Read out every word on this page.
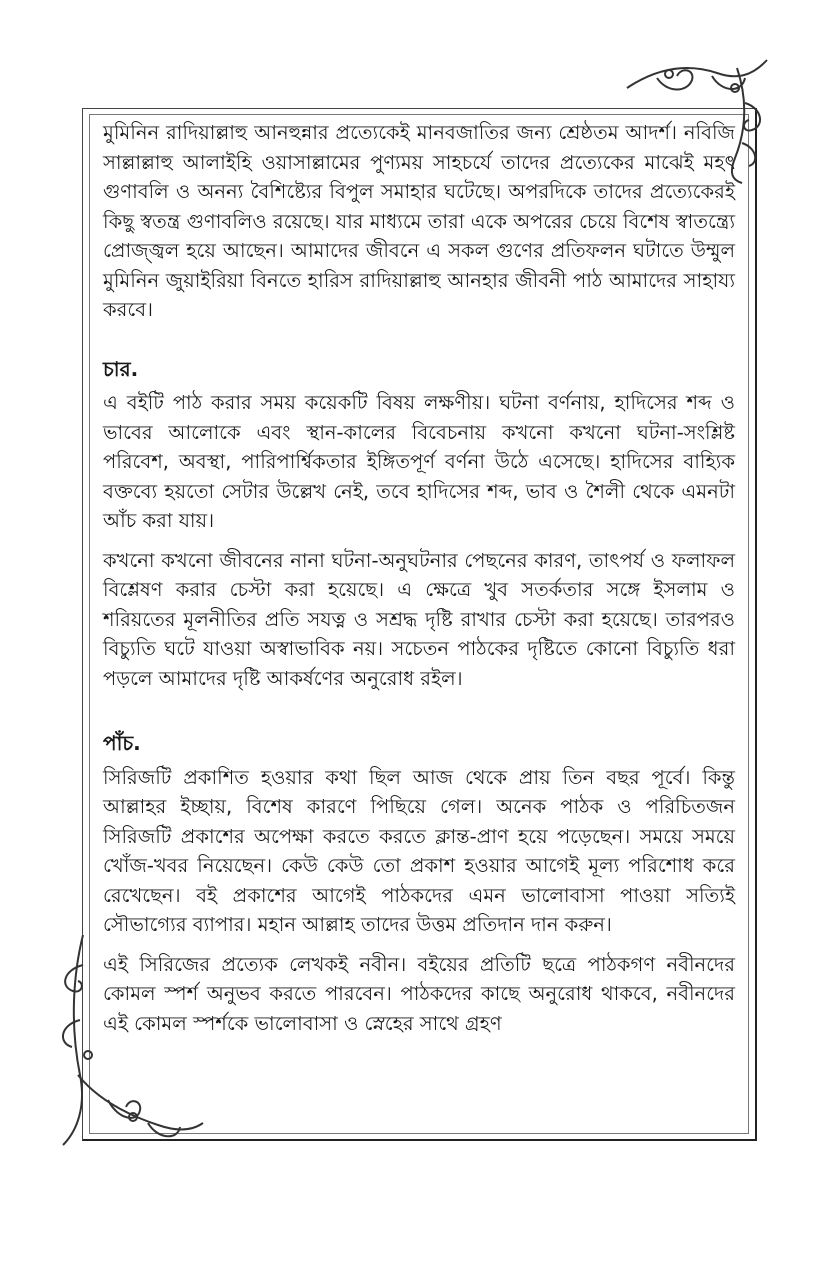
মুমিনিন রাদিয়াল্লাহু আনহুন্নার প্রত্যেকেই মানবজাতির জন্য শ্রেষ্ঠতম আদর্শ। নবিজি সাল্লাল্লাহু আলাইহি ওয়াসাল্লামের পুণ্যময় সাহচর্যে তাদের প্রত্যেকের মাঝেই মহৎ গুণাবলি ও অনন্য বৈশিষ্ট্যের বিপুল সমাহার ঘটেছে। অপরদিকে তাদের প্রত্যেকেরই কিছু স্বতন্ত্র গুণাবলিও রয়েছে। যার মাধ্যমে তারা একে অপরের চেয়ে বিশেষ স্বাতন্ত্র্যে প্রোজ্জ্বল হয়ে আছেন। আমাদের জীবনে এ সকল গুণের প্রতিফলন ঘটাতে উম্মুল মুমিনিন জুয়াইরিয়া বিনতে হারিস রাদিয়াল্লাহু আনহার জীবনী পাঠ আমাদের সাহায্য করবে।

চার.

এ বইটি পাঠ করার সময় কয়েকটি বিষয় লক্ষণীয়। ঘটনা বর্ণনায়, হাদিসের শব্দ ও ভাবের আলোকে এবং স্থান-কালের বিবেচনায় কখনো কখনো ঘটনা-সংশ্লিষ্ট পরিবেশ, অবস্থা, পারিপার্শ্বিকতার ইঙ্গিতপূর্ণ বর্ণনা উঠে এসেছে। হাদিসের বাহ্যিক বক্তব্যে হয়তো সেটার উল্লেখ নেই, তবে হাদিসের শব্দ, ভাব ও শৈলী থেকে এমনটা আঁচ করা যায়।

কখনো কখনো জীবনের নানা ঘটনা-অনুঘটনার পেছনের কারণ, তাৎপর্য ও ফলাফল বিশ্লেষণ করার চেস্টা করা হয়েছে। এ ক্ষেত্রে খুব সতর্কতার সঙ্গে ইসলাম ও শরিয়তের মূলনীতির প্রতি সযত্ন ও সশ্রদ্ধ দৃষ্টি রাখার চেস্টা করা হয়েছে। তারপরও বিচ্যুতি ঘটে যাওয়া অস্বাভাবিক নয়। সচেতন পাঠকের দৃষ্টিতে কোনো বিচ্যুতি ধরা পড়লে আমাদের দৃষ্টি আকর্ষণের অনুরোধ রইল।

পাঁচ.

সিরিজটি প্রকাশিত হওয়ার কথা ছিল আজ থেকে প্রায় তিন বছর পূর্বে। কিন্তু আল্লাহর ইচ্ছায়, বিশেষ কারণে পিছিয়ে গেল। অনেক পাঠক ও পরিচিতজন সিরিজটি প্রকাশের অপেক্ষা করতে করতে ক্লান্ত-প্রাণ হয়ে পড়েছেন। সময়ে সময়ে খোঁজ-খবর নিয়েছেন। কেউ কেউ তো প্রকাশ হওয়ার আগেই মূল্য পরিশোধ করে রেখেছেন। বই প্রকাশের আগেই পাঠকদের এমন ভালোবাসা পাওয়া সত্যিই সৌভাগ্যের ব্যাপার। মহান আল্লাহ তাদের উত্তম প্রতিদান দান করুন।

এই সিরিজের প্রত্যেক লেখকই নবীন। বইয়ের প্রতিটি ছত্রে পাঠকগণ নবীনদের কোমল স্পর্শ অনুভব করতে পারবেন। পাঠকদের কাছে অনুরোধ থাকবে, নবীনদের এই কোমল স্পর্শকে ভালোবাসা ও স্নেহের সাথে গ্রহণ
